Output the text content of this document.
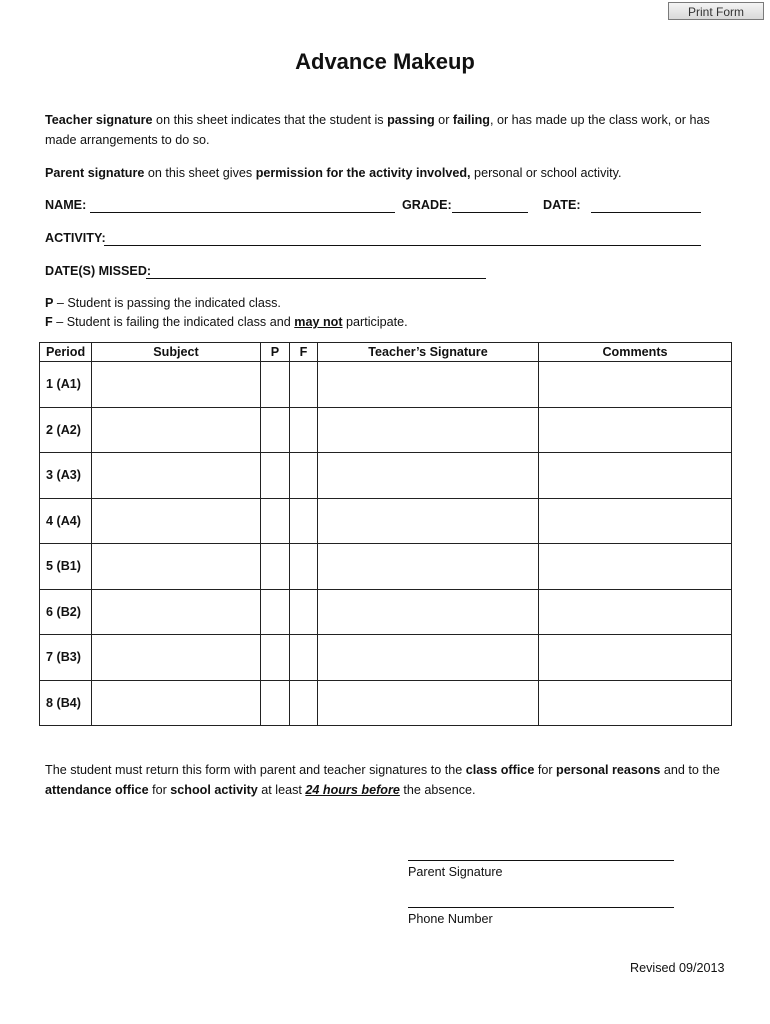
Print Form
Advance Makeup
Teacher signature on this sheet indicates that the student is passing or failing, or has made up the class work, or has made arrangements to do so.
Parent signature on this sheet gives permission for the activity involved, personal or school activity.
NAME:	GRADE:	DATE:
ACTIVITY:
DATE(S) MISSED:
P – Student is passing the indicated class.
F – Student is failing the indicated class and may not participate.
Period	Subject	P	F	Teacher’s Signature	Comments
1 (A1)					
2 (A2)					
3 (A3)					
4 (A4)					
5 (B1)					
6 (B2)					
7 (B3)					
8 (B4)					
The student must return this form with parent and teacher signatures to the class office for personal reasons and to the attendance office for school activity at least 24 hours before the absence.
Parent Signature
Phone Number
Revised 09/2013
